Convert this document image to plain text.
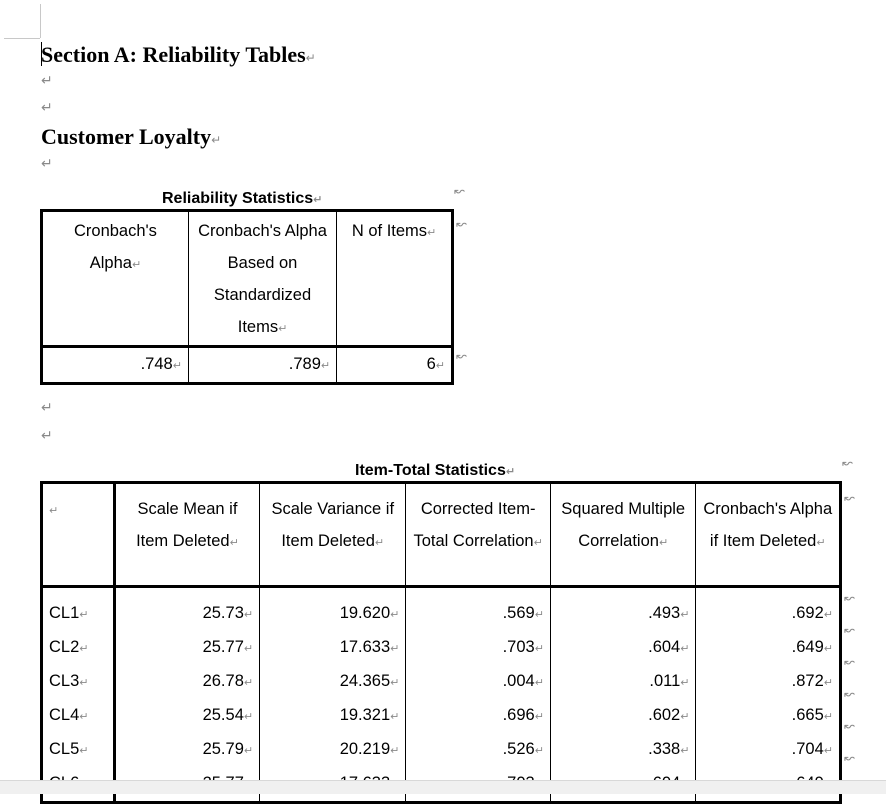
Section A: Reliability Tables↵
↵
↵
Customer Loyalty↵
↵
Reliability Statistics↵
↜
↜
↜
Cronbach's Alpha↵	Cronbach's Alpha Based on Standardized Items↵	N of Items↵
.748↵	.789↵	6↵
↵
↵
Item-Total Statistics↵
↜
↜
↜
↜
↜
↜
↜
↜
↵	Scale Mean if Item Deleted↵	Scale Variance if Item Deleted↵	Corrected Item-Total Correlation↵	Squared Multiple Correlation↵	Cronbach's Alpha if Item Deleted↵
CL1↵	25.73↵	19.620↵	.569↵	.493↵	.692↵
CL2↵	25.77↵	17.633↵	.703↵	.604↵	.649↵
CL3↵	26.78↵	24.365↵	.004↵	.011↵	.872↵
CL4↵	25.54↵	19.321↵	.696↵	.602↵	.665↵
CL5↵	25.79↵	20.219↵	.526↵	.338↵	.704↵
